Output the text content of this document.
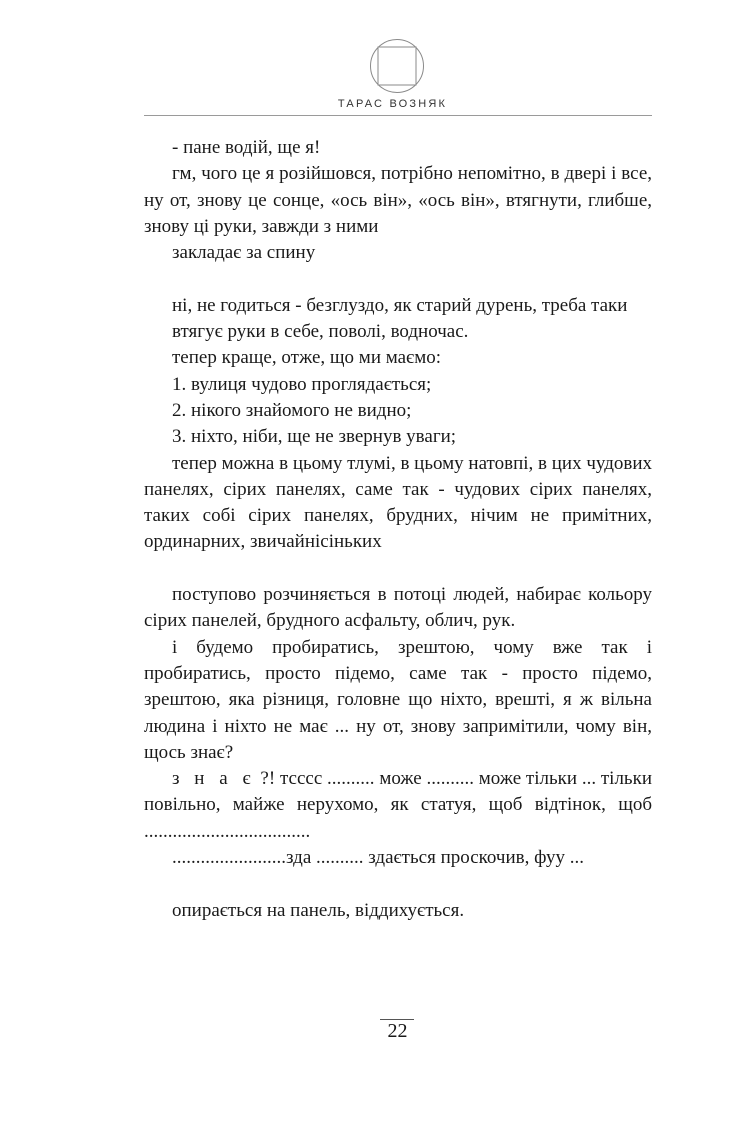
ТАРАС ВОЗНЯК

- пане водій, ще я!

гм, чого це я розійшовся, потрібно непомітно, в двері і все, ну от, знову це сонце, «ось він», «ось він», втягнути, глибше, знову ці руки, завжди з ними

закладає за спину

ні, не годиться - безглуздо, як старий дурень, треба таки

втягує руки в себе, поволі, водночас.

тепер краще, отже, що ми маємо:

1. вулиця чудово проглядається;

2. нікого знайомого не видно;

3. ніхто, ніби, ще не звернув уваги;

тепер можна в цьому тлумі, в цьому натовпі, в цих чудових панелях, сірих панелях, саме так - чудових сірих панелях, таких собі сірих панелях, брудних, нічим не примітних, ординарних, звичайнісінькиx

поступово розчиняється в потоці людей, набирає кольору сірих панелей, брудного асфальту, облич, рук.

і будемо пробиратись, зрештою, чому вже так і пробиратись, просто підемо, саме так - просто підемо, зрештою, яка різниця, головне що ніхто, врешті, я ж вільна людина і ніхто не має ... ну от, знову запримітили, чому він, щось знає?

з н а є ?! тсссс .......... може .......... може тільки ... тільки повільно, майже нерухомо, як статуя, щоб відтінок, щоб ...................................

........................зда .......... здається проскочив, фуу ...

опирається на панель, віддихується.

22
